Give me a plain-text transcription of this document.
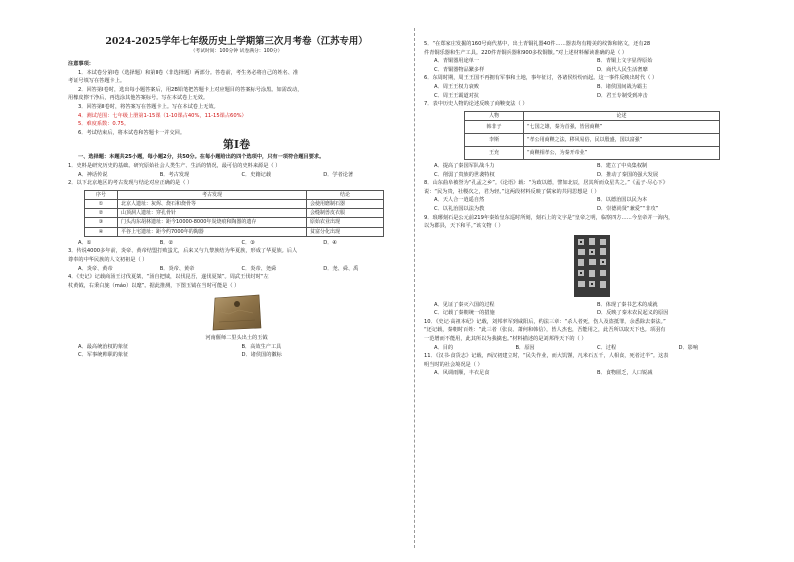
2024-2025学年七年级历史上学期第三次月考卷（江苏专用）
（考试时间：100分钟 试卷满分：100分）

注意事项：

1．本试卷分第Ⅰ卷（选择题）和第Ⅱ卷（非选择题）两部分。答卷前，考生务必将自己的姓名、准

考证号填写在答题卡上。

2．回答第Ⅰ卷时，选出每小题答案后，用2B铅笔把答题卡上对应题目的答案标号涂黑。如需改动，

用橡皮擦干净后，再选涂其他答案标号。写在本试卷上无效。

3．回答第Ⅱ卷时，将答案写在答题卡上。写在本试卷上无效。

4．测试范围：七年级上册第1-15课（1-10课占40%，11-15课占60%）

5．难度系数：0.75。

6．考试结束后，将本试卷和答题卡一并交回。

第Ⅰ卷

一、选择题：本题共25小题，每小题2分，共50分。在每小题给出的四个选项中，只有一项符合题目要求。

1．史料是研究历史的基础。研究原始社会人类生产、生活的情况，最可信的史料来源是（ ）

A．神话传说	B．考古发现	C．史籍记载	D．学者论著

2．以下北京地区的考古发现与结论对应正确的是（ ）

序号	考古发现	结论
①	北京人遗址：灰烬、烧石和烧骨等	会使用磨制石器
②	山顶洞人遗址：穿孔骨针	会缝制兽皮衣服
③	门头沟东胡林遗址：距今10000-8000年炭烧痕和陶器的遗存	原始农业出现
④	平谷上宅遗址：距今约7000年的陶器	贫富分化出现
A．①	B．②	C．③	D．④

3．传说4000多年前，炎帝、黄帝结盟打败蚩尤，后来又与九黎族结为华夏族，形成了华夏族。后人

尊奉的中华民族的人文初祖是（ ）

A．炎帝、黄帝	B．炎帝、黄帝	C．炎帝、尧舜	D．尧、舜、禹

4．《史记》记载商汤王讨伐夏桀，“汤自把钺，以伐昆吾，遂伐夏桀”。周武王伐纣时“左

杖黄钺，右秉白旄（máo）以麾”。据此推测，下图玉钺在当时可能是（ ）

河南偃师二里头出土的玉钺

A．最高统治权的象征	B．高效生产工具
C．军事统帅职的象征	D．诸侯国的徽标

5．“在郑家庄发掘的160号商代墓中，出土青铜礼器40件……器表均有精美的纹饰和铭文，还有28

件青铜乐器和生产工具。220件青铜兵器和900多枚铜镞。”对上述材料解读准确的是（ ）

A．青铜器用途单一	B．青铜上文字显得原始
C．青铜器物品繁多样	D．商代人民生活奢靡

6．东周时期，周王王国不再拥有军事和土地，事年征讨，各诸侯纷纷而起。这一事件反映出时代（ ）

A．周王王权力衰败	B．诸侯国间战为霸主
C．周王王霸道对抗	D．君王专制受到冲击

7．表中历史人物的论述反映了商鞅变法（ ）

人物	论述
韩非子	“七国之雄，秦为首强，皆因商鞅”
李斯	“孝公用商鞅之法，移风易俗，民以殷盛，国以富强”
王充	“商鞅相孝公，为秦开帝业”
A．提高了秦国军队战斗力	B．建立了中央集权制
C．削弱了贵族的世袭特权	D．推动了秦国的强大发展

8．山东曲阜被誉为“孔孟之乡”。《论语》载：“为政以德，譬如北辰，居其所而众星共之。”《孟子·尽心下》

说：“民为贵，社稷次之，君为轻。”这两段材料反映了儒家的共同思想是（ ）

A．天人合一逍遥自然	B．以德治国以民为本
C．以礼治国以法为教	D．崇德尚贤“兼爱”“非攻”

9．琅琊刻石是公元前219年秦始皇东巡时所刻，刻石上的文字是“皇帝之明，临察四方……今皇帝并一海内，

以为郡县，天下和平。”该文物（ ）

A．见证了秦灭六国的过程	B．体现了秦书艺术的成就
C．记载了秦朝统一的措施	D．反映了秦末农民起义的原因

10．《史记·高祖本纪》记载，刘邦率军到咸阳后，约法三章：“杀人者死，伤人及盗抵罪，余悉除去秦法。”

“还记载，秦朝时百姓：“此三者（张良、萧何和韩信），皆人杰也，吾能用之，此吾所以取天下也。项羽有

一范增而不能用，此其所以为我擒也。”材料描述的是刘邦得天下的（ ）

A．目的	B．原因	C．过程	D．影响

11．《汉书·食货志》记载，西汉初建立时，“民失作业，而大饥馑，凡米石五千，人相食，死者过半”。这表

明当时的社会境况是（ ）

A．风调雨顺，丰衣足食	B．食物匮乏，人口锐减
